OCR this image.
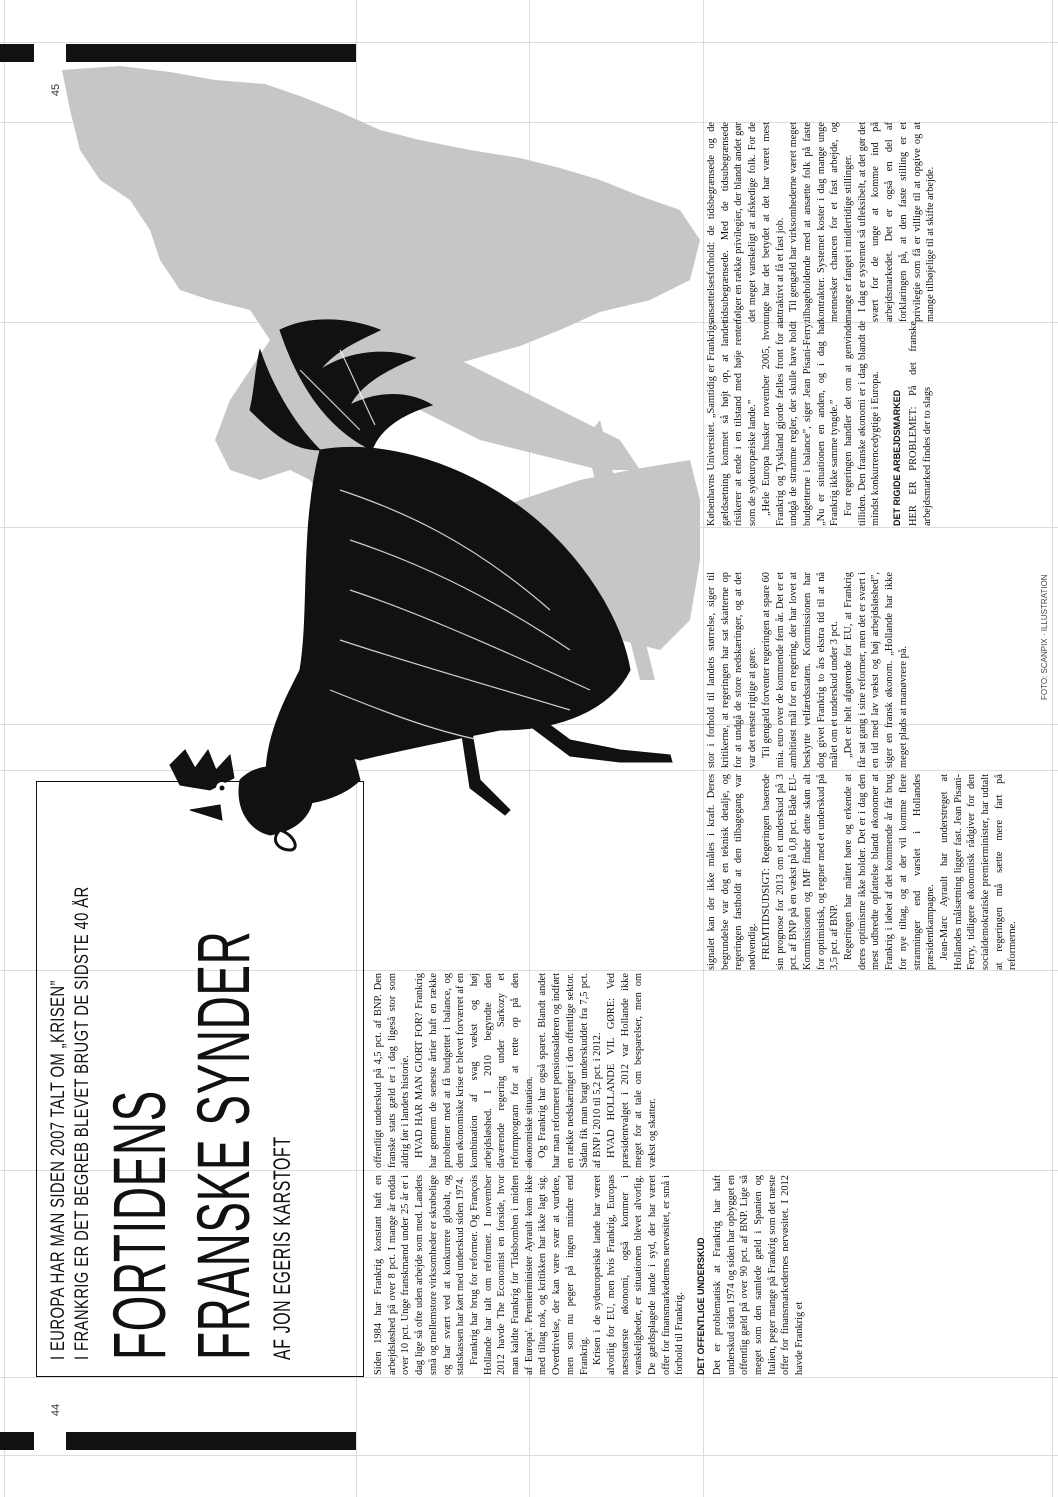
45
44
I EUROPA HAR MAN SIDEN 2007 TALT OM „KRISEN” I FRANKRIG ER DET BEGREB BLEVET BRUGT DE SIDSTE 40 ÅR FORTIDENS FRANSKE SYNDER AF JON EGERIS KARSTOFT	Siden 1984 har Frankrig konstant haft en arbejdsløshed på over 8 pct. I mange år endda over 10 pct. Unge franskmænd under 25 år er i dag lige så ofte uden arbejde som med. Landets små og mellemstore virksomheder er skrøbelige og har svært ved at konkurrere globalt, og statskassen har kørt med underskud siden 1974. Frankrig har brug for reformer. Og François Hollande har talt om reformer. I november 2012 havde The Economist en forside, hvor man kaldte Frankrig for 'Tidsbomben i midten af Europa'. Premierminister Ayrault kom ikke med tiltag nok, og kritikken har ikke lagt sig. Overdrivelse, der kan være svær at vurdere, men som nu peger på ingen mindre end Frankrig. Krisen i de sydeuropæiske lande har været alvorlig for EU, men hvis Frankrig, Europas næststørste økonomi, også kommer i vanskeligheder, er situationen blevet alvorlig. De gældsplagede lande i syd, der har været offer for finansmarkedernes nervøsitet, er små i forhold til Frankrig. DET OFFENTLIGE UNDERSKUD Det er problematisk at Frankrig har haft underskud siden 1974 og siden har opbygget en offentlig gæld på over 90 pct. af BNP. Lige så meget som den samlede gæld i Spanien og Italien, peger mange på Frankrig som det næste offer for finansmarkedernes nervøsitet. I 2012 havde Frankrig et

offentligt underskud på 4,5 pct. af BNP. Den franske stats gæld er i dag ligeså stor som aldrig før i landets historie. HVAD HAR MAN GJORT FOR? Frankrig har gennem de seneste årtier haft en række problemer med at få budgettet i balance, og den økonomiske krise er blevet forværret af en kombination af svag vækst og høj arbejdsløshed. I 2010 begyndte den daværende regering under Sarkozy et reformprogram for at rette op på den økonomiske situation. Og Frankrig har også sparet. Blandt andet har man reformeret pensionsalderen og indført en række nedskæringer i den offentlige sektor. Sådan fik man bragt underskuddet fra 7,5 pct. af BNP i 2010 til 5,2 pct. i 2012. HVAD HOLLANDE VIL GØRE: Ved præsidentvalget i 2012 var Hollande ikke meget for at tale om besparelser, men om vækst og skatter.

signalet kan der ikke måles i kraft. Deres begrundelse var dog en teknisk detalje, og regeringen fastholdt at den tilbagegang var nødvendig. FREMTIDSUDSIGT: Regeringen baserede sin prognose for 2013 om et underskud på 3 pct. af BNP på en vækst på 0,8 pct. Både EU-Kommissionen og IMF finder dette skøn alt for optimistisk, og regner med et underskud på 3,5 pct. af BNP. Regeringen har måttet høre og erkende at deres optimisme ikke holder. Det er i dag den mest udbredte opfattelse blandt økonomer at Frankrig i løbet af det kommende år får brug for nye tiltag, og at der vil komme flere stramninger end varslet i Hollandes præsidentkampagne. Jean-Marc Ayrault har understreget at Hollandes målsætning ligger fast. Jean Pisani-Ferry, tidligere økonomisk rådgiver for den socialdemokratiske premierminister, har udtalt at regeringen må sætte mere fart på reformerne.

stor i forhold til landets størrelse, siger til kritikerne, at regeringen har sat skatterne op for at undgå de store nedskæringer, og at det var det eneste rigtige at gøre. Til gengæld forventer regeringen at spare 60 mia. euro over de kommende fem år. Det er et ambitiøst mål for en regering, der har lovet at beskytte velfærdsstaten. Kommissionen har dog givet Frankrig to års ekstra tid til at nå målet om et underskud under 3 pct. „Det er helt afgørende for EU, at Frankrig får sat gang i sine reformer, men det er svært i en tid med lav vækst og høj arbejdsløshed”, siger en fransk økonom. „Hollande har ikke meget plads at manøvrere på.

Københavns Universitet. „Samtidig er Frankrigs gældsætning kommet så højt op, at landet risikerer at ende i en tilstand med høje renter som de sydeuropæiske lande.” „Hele Europa husker november 2005, hvor Frankrig og Tyskland gjorde fælles front for at undgå de stramme regler, der skulle have holdt budgetterne i balance”, siger Jean Pisani-Ferry. „Nu er situationen en anden, og i dag har Frankrig ikke samme tyngde.” For regeringen handler det om at genvinde tilliden. Den franske økonomi er i dag blandt de mindst konkurrencedygtige i Europa. DET RIGIDE ARBEJDSMARKED HER ER PROBLEMET: På det franske arbejdsmarked findes der to slags

ansættelsesforhold: de tidsbegrænsede og de tidsubegrænsede. Med de tidsubegrænsede følger en række privilegier, der blandt andet gør det meget vanskeligt at afskedige folk. For de unge har det betydet at det har været mest attraktivt at få et fast job. Til gengæld har virksomhederne været meget tilbageholdende med at ansætte folk på faste kontrakter. Systemet koster i dag mange unge mennesker chancen for et fast arbejde, og mange er fanget i midlertidige stillinger. I dag er systemet så ufleksibelt, at det gør det svært for de unge at komme ind på arbejdsmarkedet. Det er også en del af forklaringen på, at den faste stilling er et privilegie som få er villige til at opgive og at mange tilbøjelige til at skifte arbejde.

FOTO: SCANPIX · ILLUSTRATION
